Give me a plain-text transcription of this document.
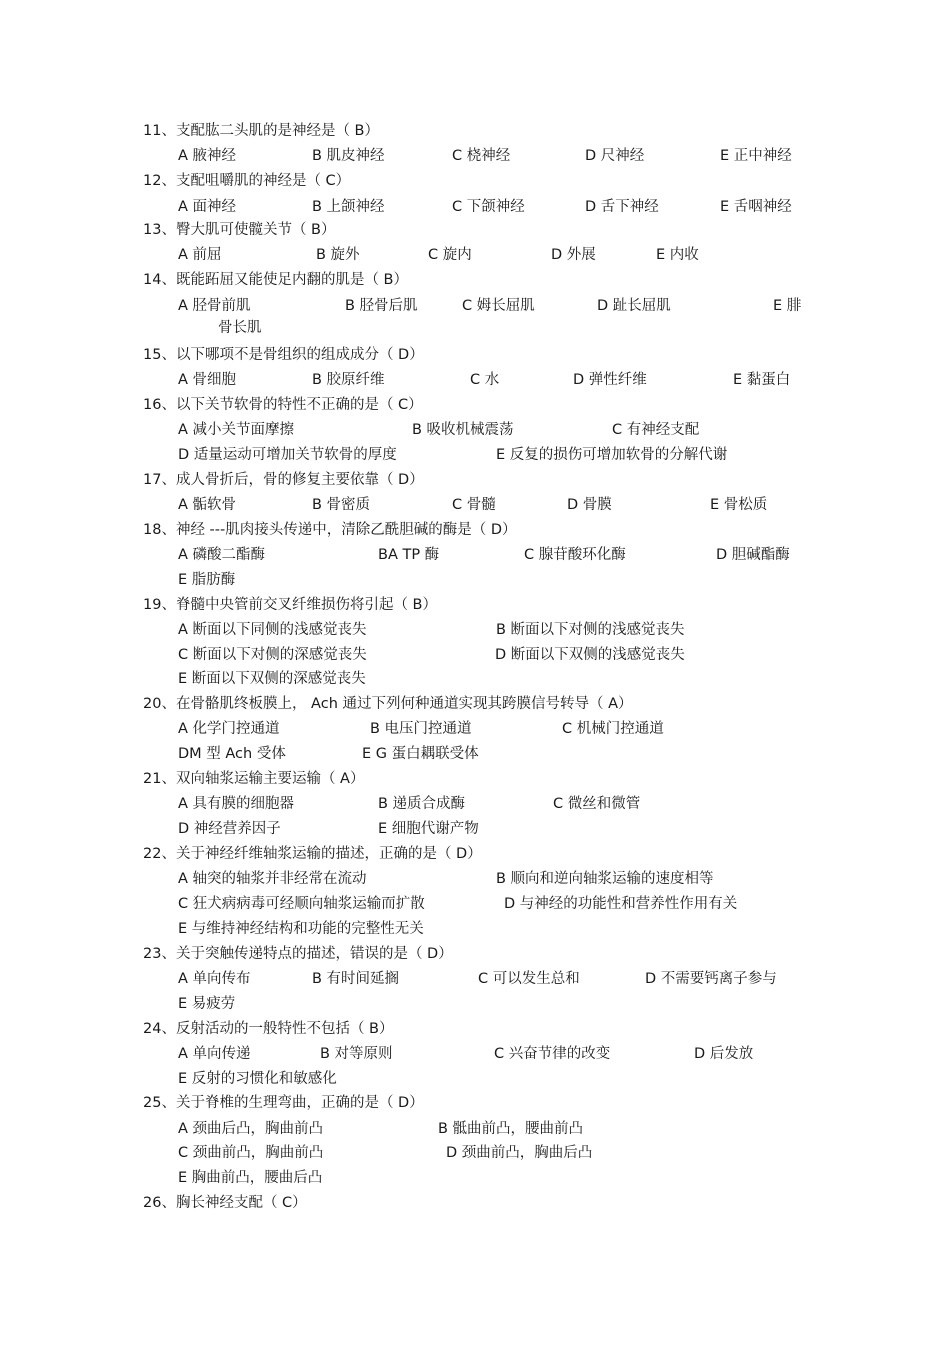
11、支配肱二头肌的是神经是（ B）
A 腋神经	B 肌皮神经	C 桡神经	D 尺神经	E 正中神经
12、支配咀嚼肌的神经是（ C）
A 面神经	B 上颌神经	C 下颌神经	D 舌下神经	E 舌咽神经
13、臀大肌可使髋关节（ B）
A 前屈	B 旋外	C 旋内	D 外展	E 内收
14、既能跖屈又能使足内翻的肌是（ B）
A 胫骨前肌	B 胫骨后肌	C 姆长屈肌	D 趾长屈肌	E 腓
骨长肌
15、以下哪项不是骨组织的组成成分（ D）
A 骨细胞	B 胶原纤维	C 水	D 弹性纤维	E 黏蛋白
16、以下关节软骨的特性不正确的是（ C）
A 减小关节面摩擦	B 吸收机械震荡	C 有神经支配
D 适量运动可增加关节软骨的厚度	E 反复的损伤可增加软骨的分解代谢
17、成人骨折后，骨的修复主要依靠（ D）
A 骺软骨	B 骨密质	C 骨髓	D 骨膜	E 骨松质
18、神经 ---肌肉接头传递中，清除乙酰胆碱的酶是（ D）
A 磷酸二酯酶	BA TP 酶	C 腺苷酸环化酶	D 胆碱酯酶
E 脂肪酶
19、脊髓中央管前交叉纤维损伤将引起（ B）
A 断面以下同侧的浅感觉丧失	B 断面以下对侧的浅感觉丧失
C 断面以下对侧的深感觉丧失	D 断面以下双侧的浅感觉丧失
E 断面以下双侧的深感觉丧失
20、在骨骼肌终板膜上， Ach 通过下列何种通道实现其跨膜信号转导（ A）
A 化学门控通道	B 电压门控通道	C 机械门控通道
DM 型 Ach 受体	E G 蛋白耦联受体
21、双向轴浆运输主要运输（ A）
A 具有膜的细胞器	B 递质合成酶	C 微丝和微管
D 神经营养因子	E 细胞代谢产物
22、关于神经纤维轴浆运输的描述，正确的是（ D）
A 轴突的轴浆并非经常在流动	B 顺向和逆向轴浆运输的速度相等
C 狂犬病病毒可经顺向轴浆运输而扩散	D 与神经的功能性和营养性作用有关
E 与维持神经结构和功能的完整性无关
23、关于突触传递特点的描述，错误的是（ D）
A 单向传布	B 有时间延搁	C 可以发生总和	D 不需要钙离子参与
E 易疲劳
24、反射活动的一般特性不包括（ B）
A 单向传递	B 对等原则	C 兴奋节律的改变	D 后发放
E 反射的习惯化和敏感化
25、关于脊椎的生理弯曲，正确的是（ D）
A 颈曲后凸，胸曲前凸	B 骶曲前凸，腰曲前凸
C 颈曲前凸，胸曲前凸	D 颈曲前凸，胸曲后凸
E 胸曲前凸，腰曲后凸
26、胸长神经支配（ C）
